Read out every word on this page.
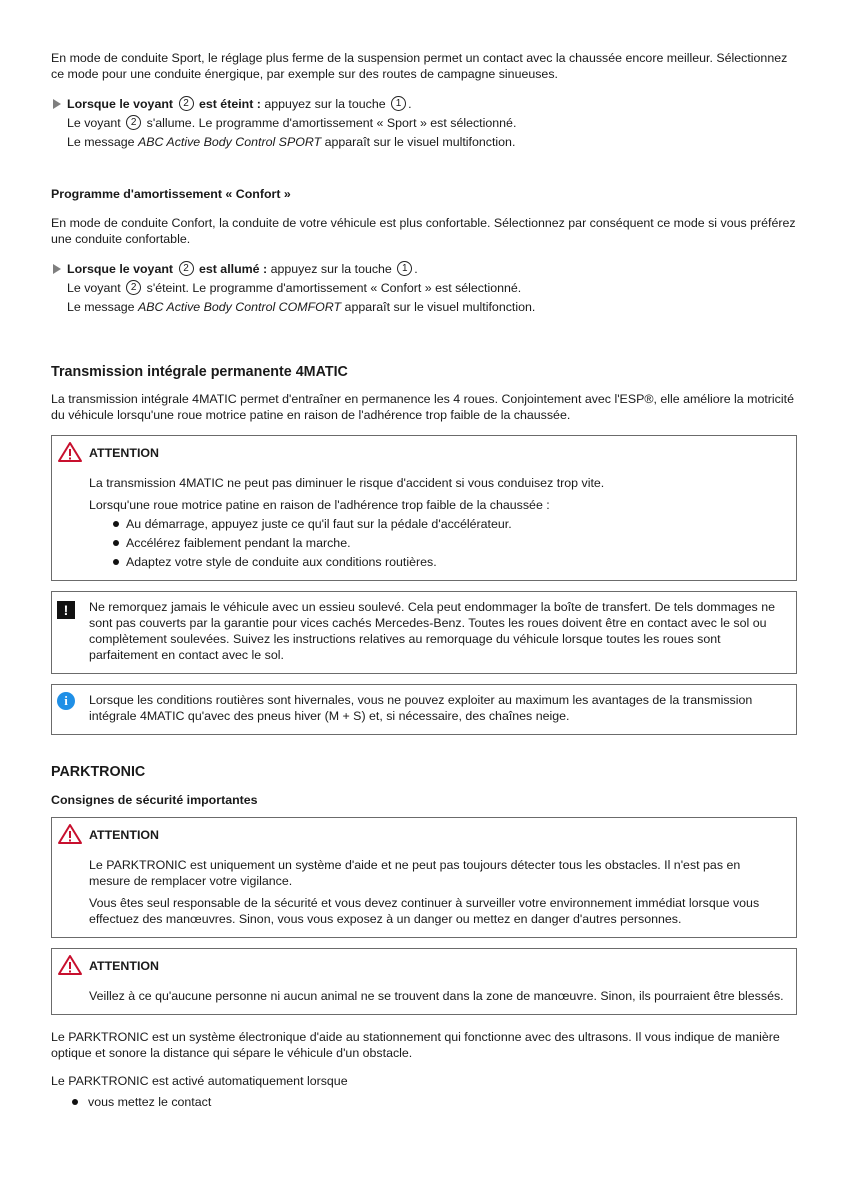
En mode de conduite Sport, le réglage plus ferme de la suspension permet un contact avec la chaussée encore meilleur. Sélectionnez ce mode pour une conduite énergique, par exemple sur des routes de campagne sinueuses.

Lorsque le voyant 2 est éteint : appuyez sur la touche 1 .
Le voyant 2 s'allume. Le programme d'amortissement « Sport » est sélectionné.
Le message ABC Active Body Control SPORT apparaît sur le visuel multifonction.
Programme d'amortissement « Confort »

En mode de conduite Confort, la conduite de votre véhicule est plus confortable. Sélectionnez par conséquent ce mode si vous préférez une conduite confortable.

Lorsque le voyant 2 est allumé : appuyez sur la touche 1 .
Le voyant 2 s'éteint. Le programme d'amortissement « Confort » est sélectionné.
Le message ABC Active Body Control COMFORT apparaît sur le visuel multifonction.
Transmission intégrale permanente 4MATIC

La transmission intégrale 4MATIC permet d'entraîner en permanence les 4 roues. Conjointement avec l'ESP®, elle améliore la motricité du véhicule lorsqu'une roue motrice patine en raison de l'adhérence trop faible de la chaussée.

ATTENTION

La transmission 4MATIC ne peut pas diminuer le risque d'accident si vous conduisez trop vite.

Lorsqu'une roue motrice patine en raison de l'adhérence trop faible de la chaussée :

Au démarrage, appuyez juste ce qu'il faut sur la pédale d'accélérateur.
Accélérez faiblement pendant la marche.
Adaptez votre style de conduite aux conditions routières.
!	Ne remorquez jamais le véhicule avec un essieu soulevé. Cela peut endommager la boîte de transfert. De tels dommages ne sont pas couverts par la garantie pour vices cachés Mercedes-Benz. Toutes les roues doivent être en contact avec le sol ou complètement soulevées. Suivez les instructions relatives au remorquage du véhicule lorsque toutes les roues sont parfaitement en contact avec le sol.

i	Lorsque les conditions routières sont hivernales, vous ne pouvez exploiter au maximum les avantages de la transmission intégrale 4MATIC qu'avec des pneus hiver (M + S) et, si nécessaire, des chaînes neige.

PARKTRONIC
Consignes de sécurité importantes
ATTENTION

Le PARKTRONIC est uniquement un système d'aide et ne peut pas toujours détecter tous les obstacles. Il n'est pas en mesure de remplacer votre vigilance.

Vous êtes seul responsable de la sécurité et vous devez continuer à surveiller votre environnement immédiat lorsque vous effectuez des manœuvres. Sinon, vous vous exposez à un danger ou mettez en danger d'autres personnes.

ATTENTION

Veillez à ce qu'aucune personne ni aucun animal ne se trouvent dans la zone de manœuvre. Sinon, ils pourraient être blessés.

Le PARKTRONIC est un système électronique d'aide au stationnement qui fonctionne avec des ultrasons. Il vous indique de manière optique et sonore la distance qui sépare le véhicule d'un obstacle.

Le PARKTRONIC est activé automatiquement lorsque

vous mettez le contact
